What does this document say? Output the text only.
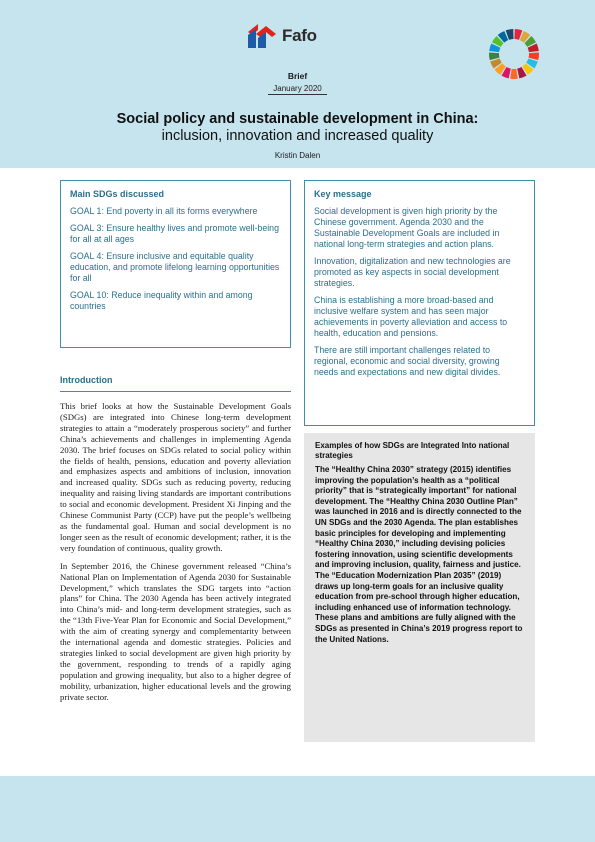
Fafo
Brief
January 2020
Social policy and sustainable development in China:
inclusion, innovation and increased quality
Kristin Dalen
Main SDGs discussed
GOAL 1: End poverty in all its forms everywhere
GOAL 3: Ensure healthy lives and promote well-being for all at all ages
GOAL 4: Ensure inclusive and equitable quality education, and promote lifelong learning opportunities for all
GOAL 10: Reduce inequality within and among countries
Key message
Social development is given high priority by the Chinese government. Agenda 2030 and the Sustainable Development Goals are included in national long-term strategies and action plans.
Innovation, digitalization and new technologies are promoted as key aspects in social development strategies.
China is establishing a more broad-based and inclusive welfare system and has seen major achievements in poverty alleviation and access to health, education and pensions.
There are still important challenges related to regional, economic and social diversity, growing needs and expectations and new digital divides.
Introduction

This brief looks at how the Sustainable Development Goals (SDGs) are integrated into Chinese long-term development strategies to attain a “moderately prosperous society” and further China’s achievements and challenges in implementing Agenda 2030. The brief focuses on SDGs related to social policy within the fields of health, pensions, education and poverty alleviation and emphasizes aspects and ambitions of inclusion, innovation and increased quality. SDGs such as reducing poverty, reducing inequality and raising living standards are important contributions to social and economic development. President Xi Jinping and the Chinese Communist Party (CCP) have put the people’s wellbeing as the fundamental goal. Human and social development is no longer seen as the result of economic development; rather, it is the very foundation of continuous, quality growth.

In September 2016, the Chinese government released “China’s National Plan on Implementation of Agenda 2030 for Sustainable Development,” which translates the SDG targets into “action plans” for China. The 2030 Agenda has been actively integrated into China’s mid- and long-term development strategies, such as the “13th Five-Year Plan for Economic and Social Development,” with the aim of creating synergy and complementarity between the international agenda and domestic strategies. Policies and strategies linked to social development are given high priority by the government, responding to trends of a rapidly aging population and growing inequality, but also to a higher degree of mobility, urbanization, higher educational levels and the growing private sector.

Examples of how SDGs are Integrated Into national strategies
The “Healthy China 2030” strategy (2015) identifies improving the population’s health as a “political priority” that is “strategically important” for national development. The “Healthy China 2030 Outline Plan” was launched in 2016 and is directly connected to the UN SDGs and the 2030 Agenda. The plan establishes basic principles for developing and implementing “Healthy China 2030,” including devising policies fostering innovation, using scientific developments and improving inclusion, quality, fairness and justice. The “Education Modernization Plan 2035” (2019) draws up long-term goals for an inclusive quality education from pre-school through higher education, including enhanced use of information technology. These plans and ambitions are fully aligned with the SDGs as presented in China’s 2019 progress report to the United Nations.
